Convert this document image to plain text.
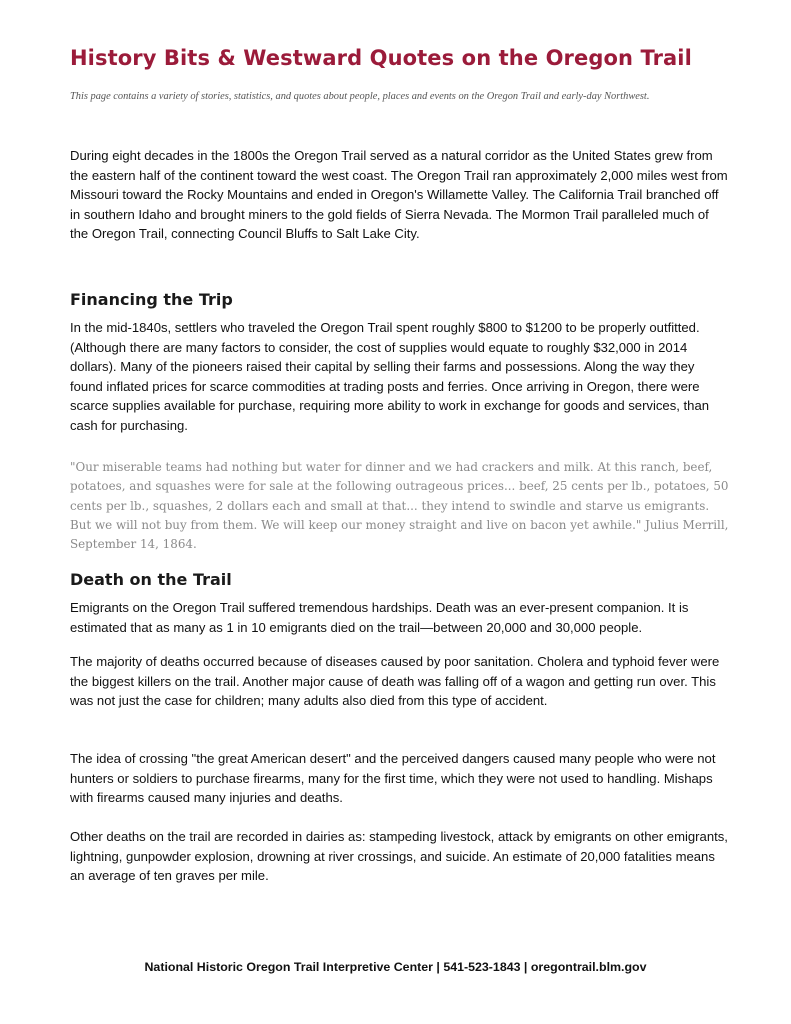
History Bits & Westward Quotes on the Oregon Trail

This page contains a variety of stories, statistics, and quotes about people, places and events on the Oregon Trail and early-day Northwest.

During eight decades in the 1800s the Oregon Trail served as a natural corridor as the United States grew from the eastern half of the continent toward the west coast. The Oregon Trail ran approximately 2,000 miles west from Missouri toward the Rocky Mountains and ended in Oregon's Willamette Valley. The California Trail branched off in southern Idaho and brought miners to the gold fields of Sierra Nevada. The Mormon Trail paralleled much of the Oregon Trail, connecting Council Bluffs to Salt Lake City.

Financing the Trip

In the mid-1840s, settlers who traveled the Oregon Trail spent roughly $800 to $1200 to be properly outfitted. (Although there are many factors to consider, the cost of supplies would equate to roughly $32,000 in 2014 dollars). Many of the pioneers raised their capital by selling their farms and possessions. Along the way they found inflated prices for scarce commodities at trading posts and ferries. Once arriving in Oregon, there were scarce supplies available for purchase, requiring more ability to work in exchange for goods and services, than cash for purchasing.

"Our miserable teams had nothing but water for dinner and we had crackers and milk. At this ranch, beef, potatoes, and squashes were for sale at the following outrageous prices... beef, 25 cents per lb., potatoes, 50 cents per lb., squashes, 2 dollars each and small at that... they intend to swindle and starve us emigrants. But we will not buy from them. We will keep our money straight and live on bacon yet awhile." Julius Merrill, September 14, 1864.

Death on the Trail

Emigrants on the Oregon Trail suffered tremendous hardships. Death was an ever-present companion. It is estimated that as many as 1 in 10 emigrants died on the trail—between 20,000 and 30,000 people.

The majority of deaths occurred because of diseases caused by poor sanitation. Cholera and typhoid fever were the biggest killers on the trail. Another major cause of death was falling off of a wagon and getting run over. This was not just the case for children; many adults also died from this type of accident.

The idea of crossing "the great American desert" and the perceived dangers caused many people who were not hunters or soldiers to purchase firearms, many for the first time, which they were not used to handling. Mishaps with firearms caused many injuries and deaths.

Other deaths on the trail are recorded in dairies as: stampeding livestock, attack by emigrants on other emigrants, lightning, gunpowder explosion, drowning at river crossings, and suicide. An estimate of 20,000 fatalities means an average of ten graves per mile.

National Historic Oregon Trail Interpretive Center | 541-523-1843 | oregontrail.blm.gov
